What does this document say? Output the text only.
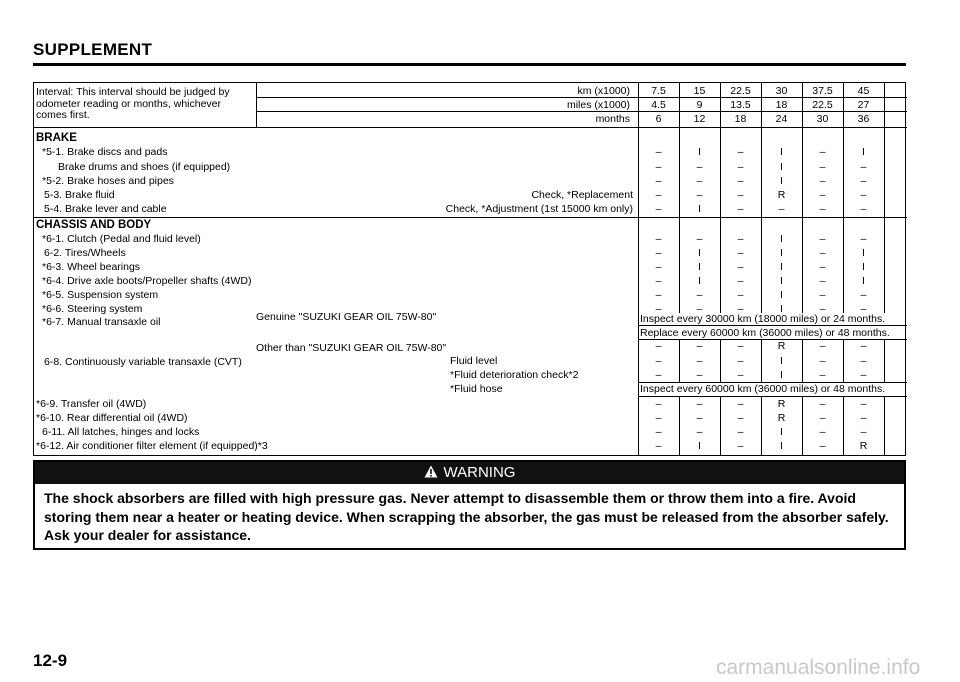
SUPPLEMENT
Interval: This interval should be judged by
odometer reading or months, whichever
comes first.
km (x1000)	7.5	15	22.5	30	37.5	45
miles (x1000)	4.5	9	13.5	18	22.5	27
months	6	12	18	24	30	36
BRAKE
*5-1. Brake discs and pads	–	I	–	I	–	I
Brake drums and shoes (if equipped)	–	–	–	I	–	–
*5-2. Brake hoses and pipes	–	–	–	I	–	–
5-3. Brake fluid	Check, *Replacement	–	–	–	R	–	–
5-4. Brake lever and cable	Check, *Adjustment (1st 15000 km only)	–	I	–	–	–	–
CHASSIS AND BODY
*6-1. Clutch (Pedal and fluid level)	–	–	–	I	–	–
6-2. Tires/Wheels	–	I	–	I	–	I
*6-3. Wheel bearings	–	I	–	I	–	I
*6-4. Drive axle boots/Propeller shafts (4WD)	–	I	–	I	–	I
*6-5. Suspension system	–	–	–	I	–	–
*6-6. Steering system	–	–	–	I	–	–
*6-7. Manual transaxle oil	Genuine "SUZUKI GEAR OIL 75W-80"	Inspect every 30000 km (18000 miles) or 24 months.
Replace every 60000 km (36000 miles) or 48 months.
Other than "SUZUKI GEAR OIL 75W-80"	–	–	–	R	–	–
6-8. Continuously variable transaxle (CVT)	Fluid level	–	–	–	I	–	–
*Fluid deterioration check*2	–	–	–	I	–	–
*Fluid hose	Inspect every 60000 km (36000 miles) or 48 months.
*6-9. Transfer oil (4WD)	–	–	–	R	–	–
*6-10. Rear differential oil (4WD)	–	–	–	R	–	–
6-11. All latches, hinges and locks	–	–	–	I	–	–
*6-12. Air conditioner filter element (if equipped)*3	–	I	–	I	–	R
WARNING
The shock absorbers are filled with high pressure gas. Never attempt to disassemble them or throw them into a fire. Avoid storing them near a heater or heating device. When scrapping the absorber, the gas must be released from the absorber safely. Ask your dealer for assistance.
12-9	carmanualsonline.info
